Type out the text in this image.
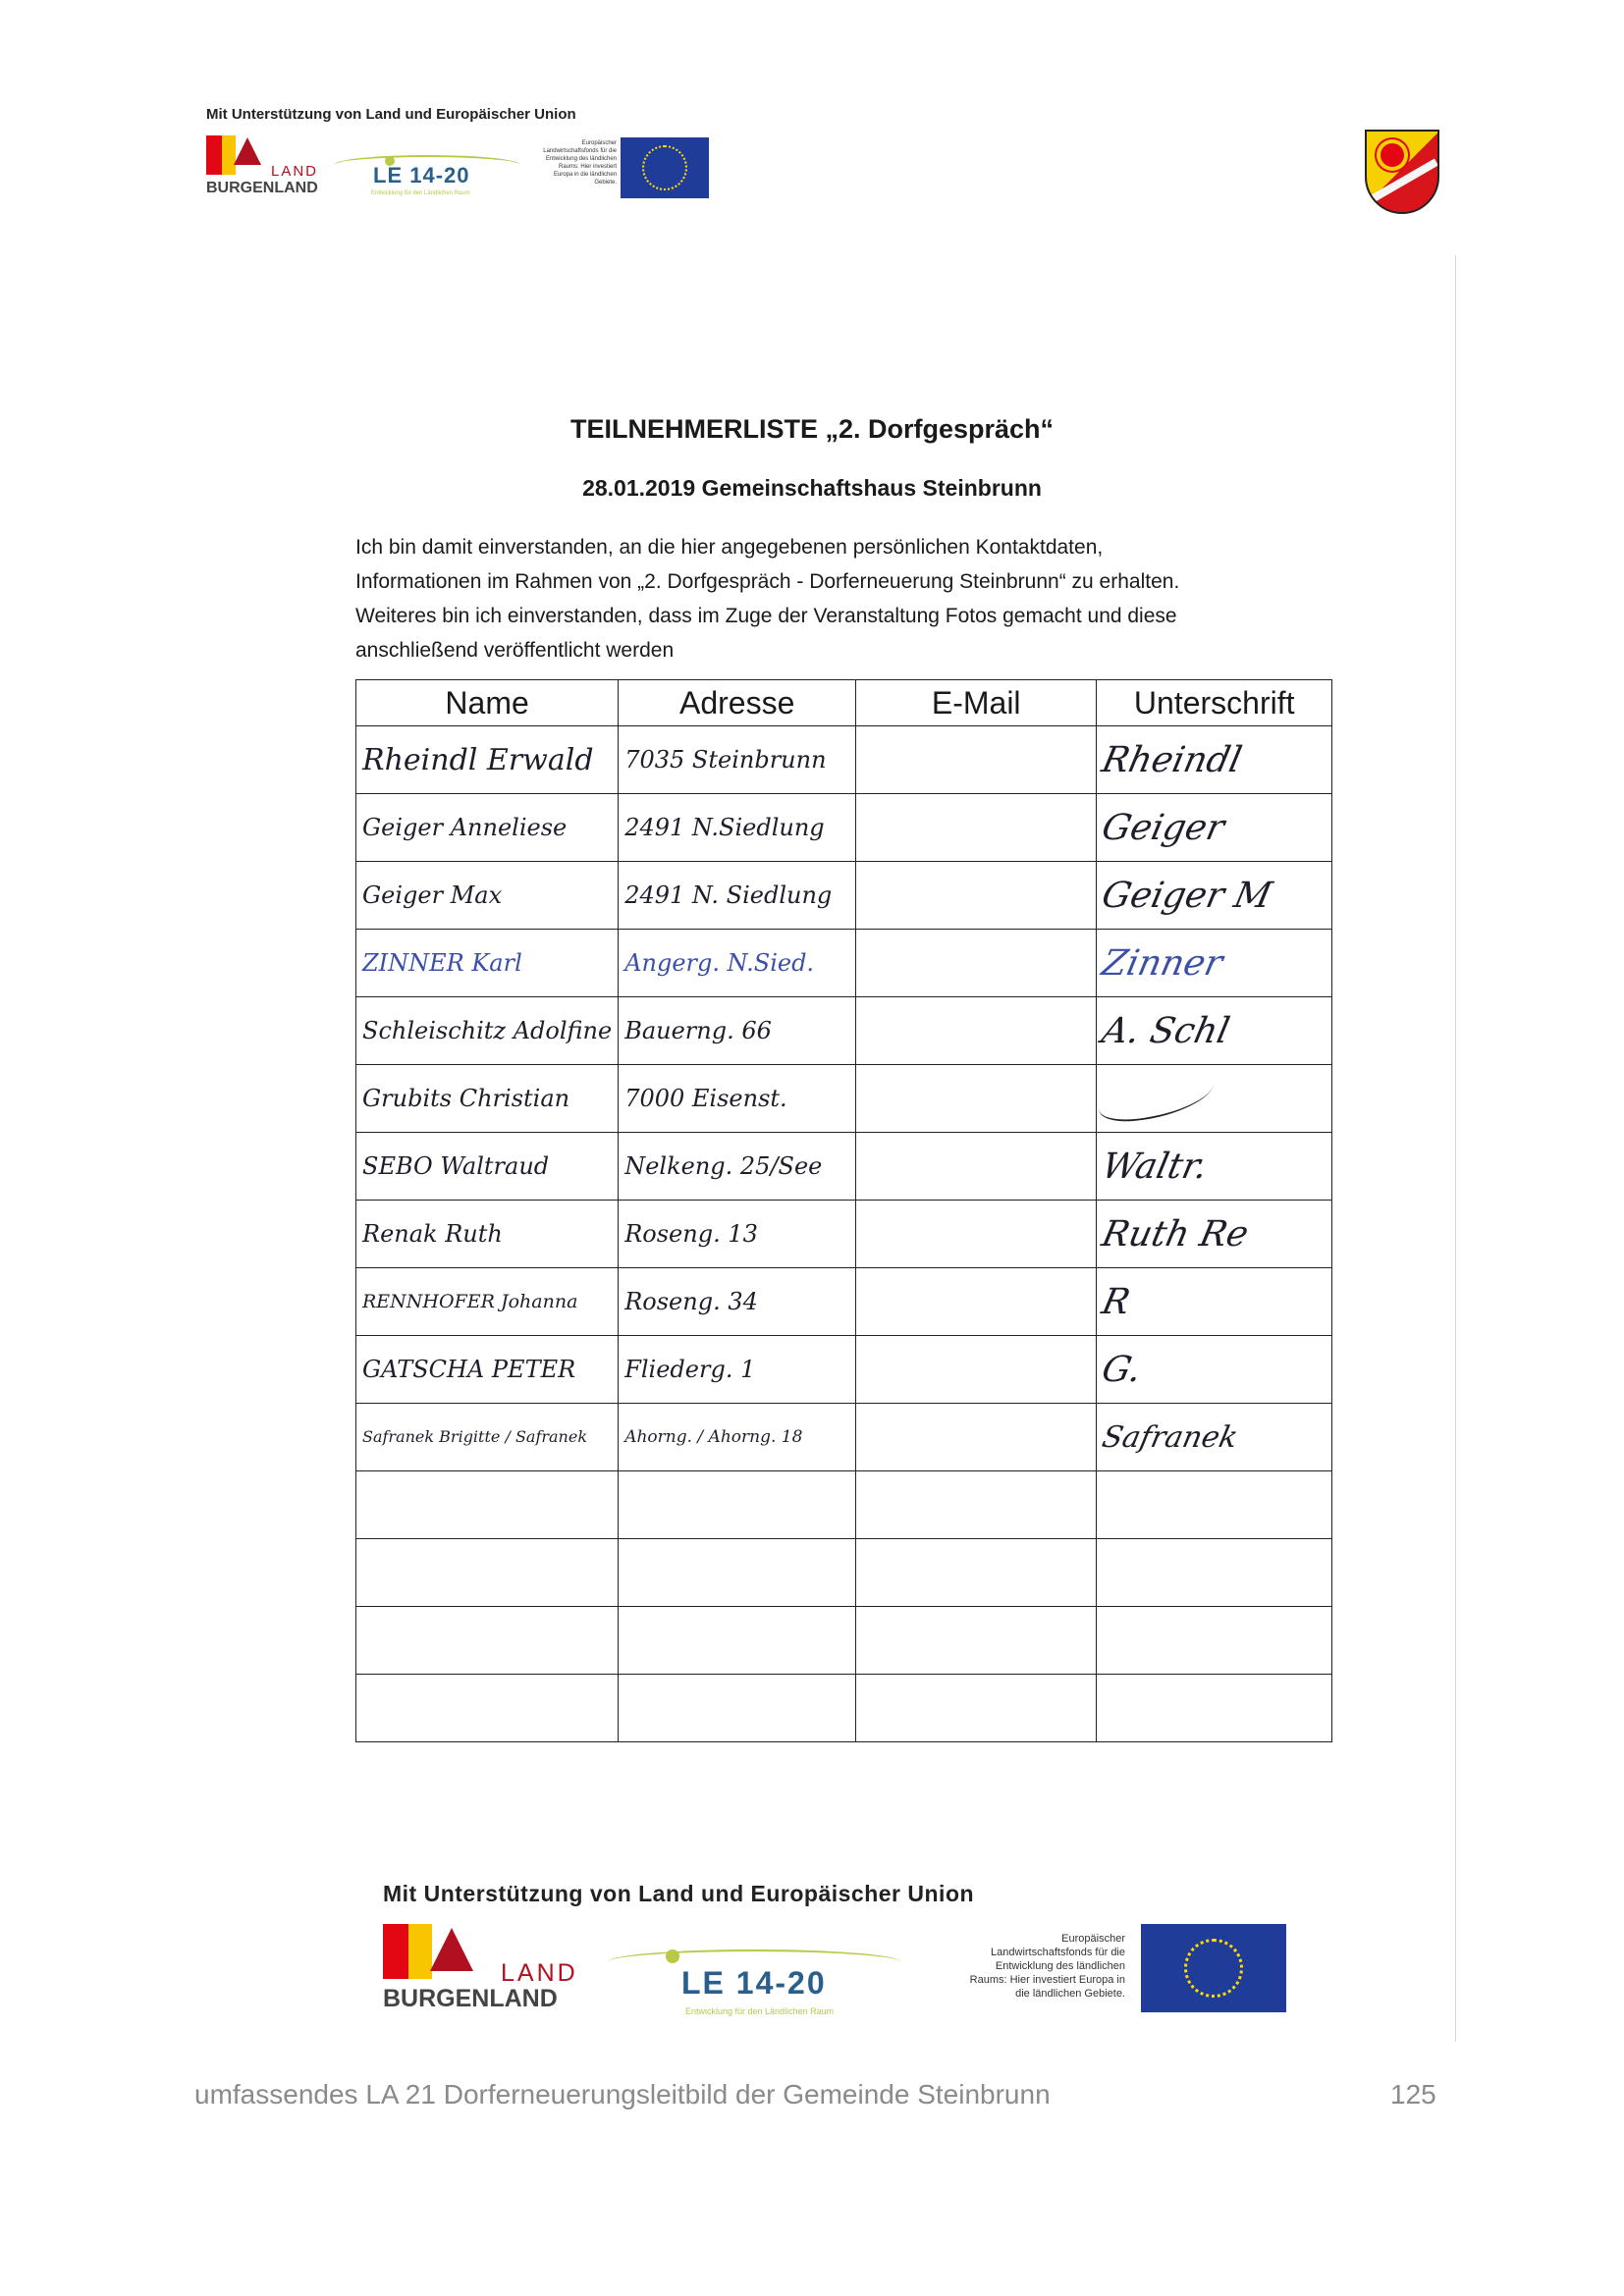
Mit Unterstützung von Land und Europäischer Union
LAND
BURGENLAND
LE 14-20
Entwicklung für den Ländlichen Raum
Europäischer Landwirtschaftsfonds für die Entwicklung des ländlichen Raums: Hier investiert Europa in die ländlichen Gebiete.
TEILNEHMERLISTE „2. Dorfgespräch“
28.01.2019 Gemeinschaftshaus Steinbrunn

Ich bin damit einverstanden, an die hier angegebenen persönlichen Kontaktdaten,

Informationen im Rahmen von „2. Dorfgespräch - Dorferneuerung Steinbrunn“ zu erhalten.

Weiteres bin ich einverstanden, dass im Zuge der Veranstaltung Fotos gemacht und diese

anschließend veröffentlicht werden

Name	Adresse	E-Mail	Unterschrift
Rheindl Erwald	7035 Steinbrunn		Rheindl
Geiger Anneliese	2491 N.Siedlung		Geiger
Geiger Max	2491 N. Siedlung		Geiger M
ZINNER Karl	Angerg. N.Sied.		Zinner
Schleischitz Adolfine	Bauerng. 66		A. Schl
Grubits Christian	7000 Eisenst.		
SEBO Waltraud	Nelkeng. 25/See		Waltr.
Renak Ruth	Roseng. 13		Ruth Re
RENNHOFER Johanna	Roseng. 34		R
GATSCHA PETER	Fliederg. 1		G.
Safranek Brigitte / Safranek	Ahorng. / Ahorng. 18		Safranek

Mit Unterstützung von Land und Europäischer Union
LAND
BURGENLAND	LE 14-20
Entwicklung für den Ländlichen Raum
Europäischer Landwirtschaftsfonds für die Entwicklung des ländlichen Raums: Hier investiert Europa in die ländlichen Gebiete.
umfassendes LA 21 Dorferneuerungsleitbild der Gemeinde Steinbrunn	125
